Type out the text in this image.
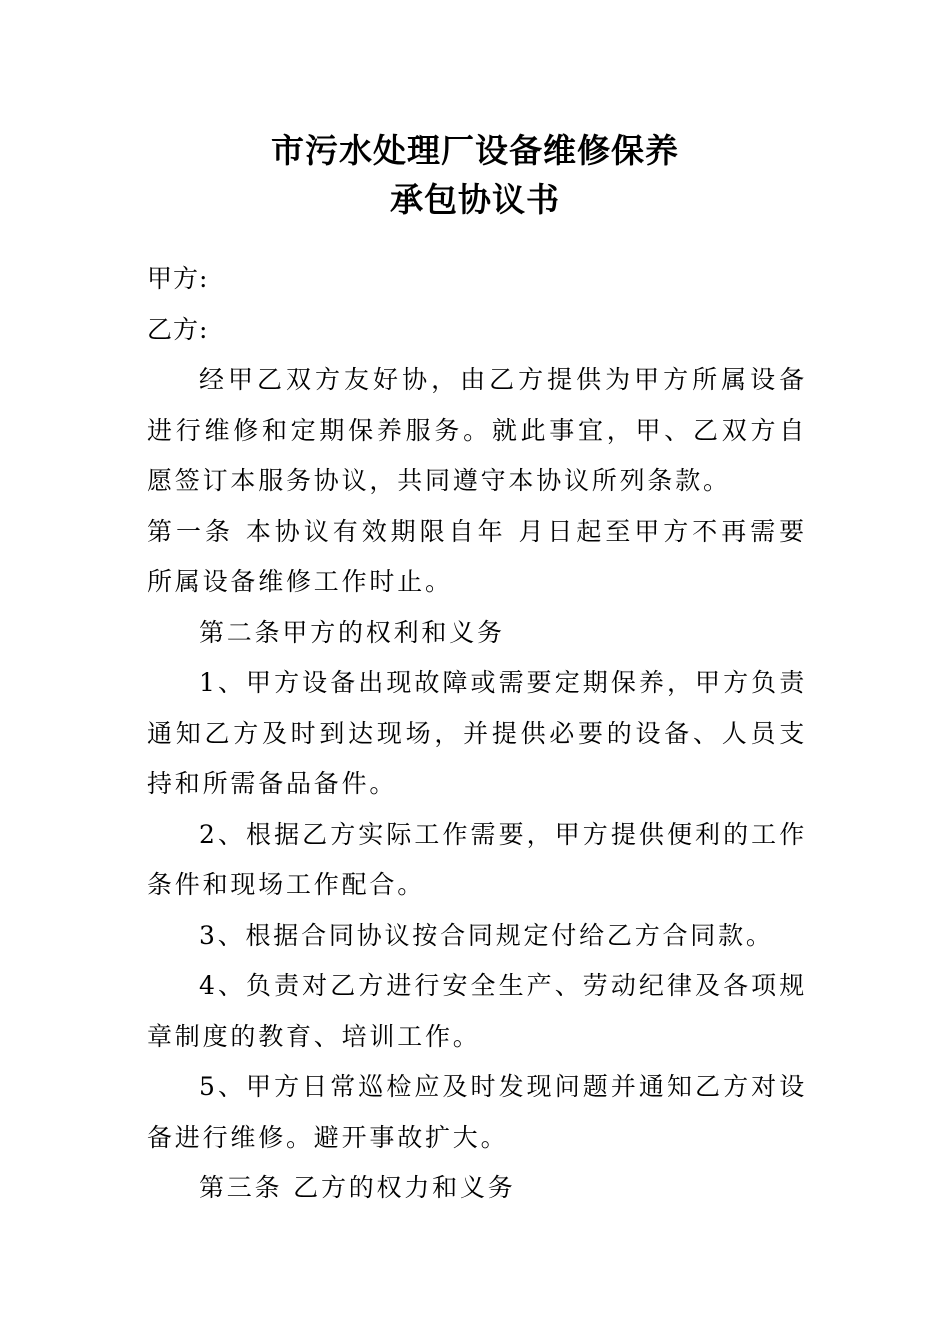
市污水处理厂设备维修保养
承包协议书

甲方:

乙方:

经甲乙双方友好协，由乙方提供为甲方所属设备进行维修和定期保养服务。就此事宜，甲、乙双方自愿签订本服务协议，共同遵守本协议所列条款。

第一条 本协议有效期限自年 月日起至甲方不再需要所属设备维修工作时止。

第二条甲方的权利和义务

1、甲方设备出现故障或需要定期保养，甲方负责通知乙方及时到达现场，并提供必要的设备、人员支持和所需备品备件。

2、根据乙方实际工作需要，甲方提供便利的工作条件和现场工作配合。

3、根据合同协议按合同规定付给乙方合同款。

4、负责对乙方进行安全生产、劳动纪律及各项规章制度的教育、培训工作。

5、甲方日常巡检应及时发现问题并通知乙方对设备进行维修。避开事故扩大。

第三条 乙方的权力和义务
